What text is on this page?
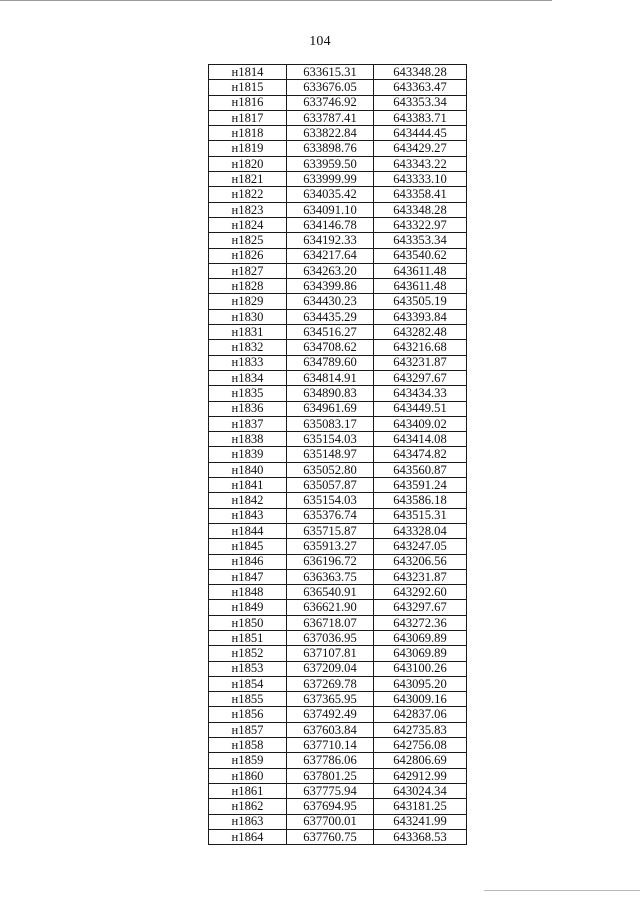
104
н1814	633615.31	643348.28
н1815	633676.05	643363.47
н1816	633746.92	643353.34
н1817	633787.41	643383.71
н1818	633822.84	643444.45
н1819	633898.76	643429.27
н1820	633959.50	643343.22
н1821	633999.99	643333.10
н1822	634035.42	643358.41
н1823	634091.10	643348.28
н1824	634146.78	643322.97
н1825	634192.33	643353.34
н1826	634217.64	643540.62
н1827	634263.20	643611.48
н1828	634399.86	643611.48
н1829	634430.23	643505.19
н1830	634435.29	643393.84
н1831	634516.27	643282.48
н1832	634708.62	643216.68
н1833	634789.60	643231.87
н1834	634814.91	643297.67
н1835	634890.83	643434.33
н1836	634961.69	643449.51
н1837	635083.17	643409.02
н1838	635154.03	643414.08
н1839	635148.97	643474.82
н1840	635052.80	643560.87
н1841	635057.87	643591.24
н1842	635154.03	643586.18
н1843	635376.74	643515.31
н1844	635715.87	643328.04
н1845	635913.27	643247.05
н1846	636196.72	643206.56
н1847	636363.75	643231.87
н1848	636540.91	643292.60
н1849	636621.90	643297.67
н1850	636718.07	643272.36
н1851	637036.95	643069.89
н1852	637107.81	643069.89
н1853	637209.04	643100.26
н1854	637269.78	643095.20
н1855	637365.95	643009.16
н1856	637492.49	642837.06
н1857	637603.84	642735.83
н1858	637710.14	642756.08
н1859	637786.06	642806.69
н1860	637801.25	642912.99
н1861	637775.94	643024.34
н1862	637694.95	643181.25
н1863	637700.01	643241.99
н1864	637760.75	643368.53
